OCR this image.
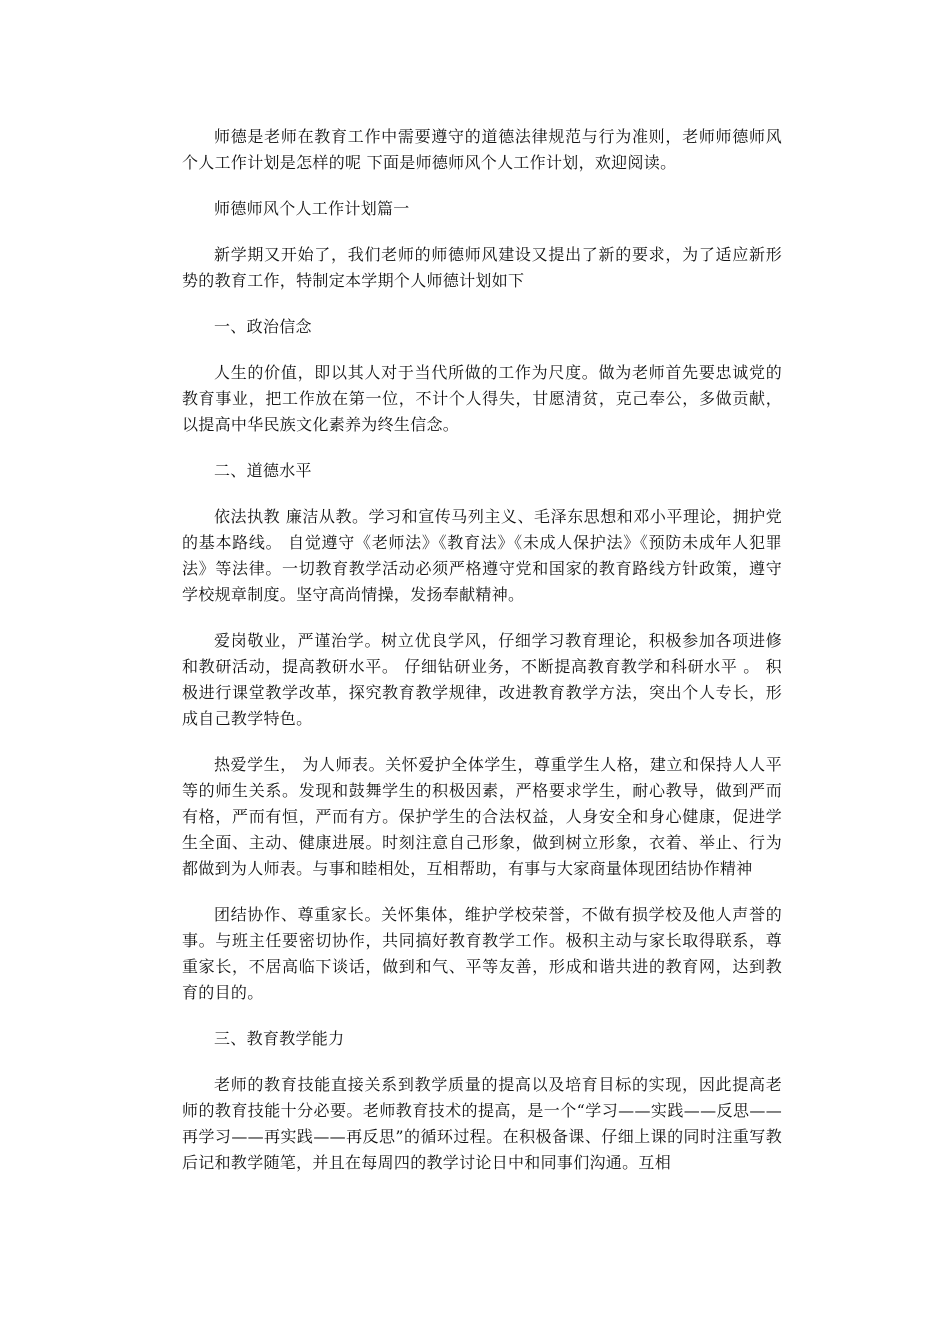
师德是老师在教育工作中需要遵守的道德法律规范与行为准则，老师师德师风个人工作计划是怎样的呢 下面是师德师风个人工作计划，欢迎阅读。

师德师风个人工作计划篇一

新学期又开始了，我们老师的师德师风建设又提出了新的要求，为了适应新形势的教育工作，特制定本学期个人师德计划如下

一、政治信念

人生的价值，即以其人对于当代所做的工作为尺度。做为老师首先要忠诚党的教育事业，把工作放在第一位，不计个人得失，甘愿清贫，克己奉公，多做贡献，以提高中华民族文化素养为终生信念。

二、道德水平

依法执教 廉洁从教。学习和宣传马列主义、毛泽东思想和邓小平理论，拥护党的基本路线。 自觉遵守《老师法》《教育法》《未成人保护法》《预防未成年人犯罪法》等法律。一切教育教学活动必须严格遵守党和国家的教育路线方针政策，遵守学校规章制度。坚守高尚情操，发扬奉献精神。

爱岗敬业，严谨治学。树立优良学风，仔细学习教育理论，积极参加各项进修和教研活动，提高教研水平。 仔细钻研业务，不断提高教育教学和科研水平 。 积极进行课堂教学改革，探究教育教学规律，改进教育教学方法，突出个人专长，形成自己教学特色。

热爱学生， 为人师表。关怀爱护全体学生，尊重学生人格，建立和保持人人平等的师生关系。发现和鼓舞学生的积极因素，严格要求学生，耐心教导，做到严而有格，严而有恒，严而有方。保护学生的合法权益，人身安全和身心健康，促进学生全面、主动、健康进展。时刻注意自己形象，做到树立形象，衣着、举止、行为都做到为人师表。与事和睦相处，互相帮助，有事与大家商量体现团结协作精神

团结协作、尊重家长。关怀集体，维护学校荣誉，不做有损学校及他人声誉的事。与班主任要密切协作，共同搞好教育教学工作。极积主动与家长取得联系，尊重家长，不居高临下谈话，做到和气、平等友善，形成和谐共进的教育网，达到教育的目的。

三、教育教学能力

老师的教育技能直接关系到教学质量的提高以及培育目标的实现，因此提高老师的教育技能十分必要。老师教育技术的提高，是一个“学习——实践——反思——再学习——再实践——再反思”的循环过程。在积极备课、仔细上课的同时注重写教后记和教学随笔，并且在每周四的教学讨论日中和同事们沟通。互相
